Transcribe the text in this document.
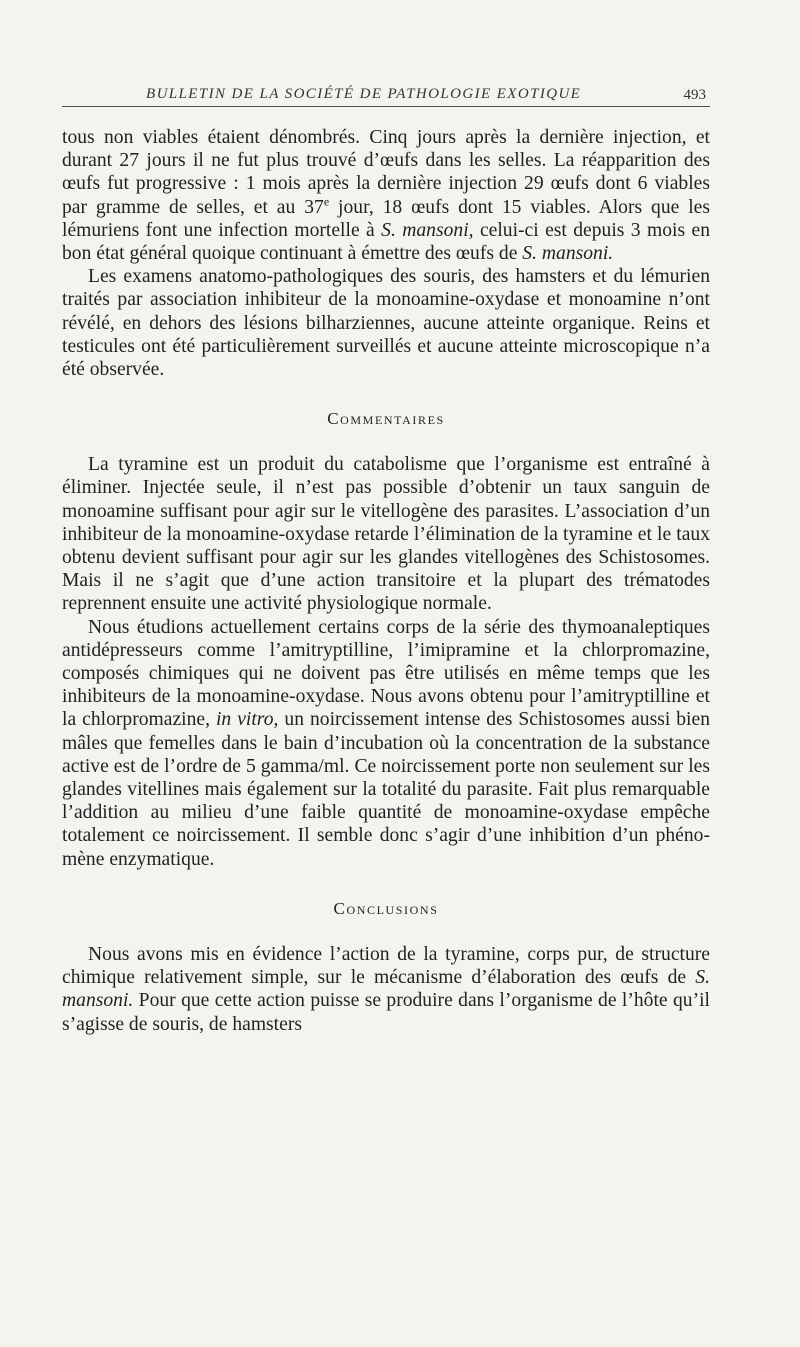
BULLETIN DE LA SOCIÉTÉ DE PATHOLOGIE EXOTIQUE	493

tous non viables étaient dénombrés. Cinq jours après la dernière injection, et durant 27 jours il ne fut plus trouvé d’œufs dans les selles. La réapparition des œufs fut progressive : 1 mois après la dernière injection 29 œufs dont 6 viables par gramme de selles, et au 37e jour, 18 œufs dont 15 viables. Alors que les lémuriens font une infection mortelle à S. mansoni, celui-ci est depuis 3 mois en bon état général quoique continuant à émettre des œufs de S. mansoni.

Les examens anatomo-pathologiques des souris, des hamsters et du lémurien traités par association inhibiteur de la monoamine-oxydase et monoamine n’ont révélé, en dehors des lésions bilharziennes, aucune atteinte organique. Reins et testicules ont été particulièrement surveillés et aucune atteinte microscopique n’a été observée.

Commentaires

La tyramine est un produit du catabolisme que l’organisme est entraîné à éliminer. Injectée seule, il n’est pas possible d’obtenir un taux sanguin de monoamine suffisant pour agir sur le vitellogène des parasites. L’association d’un inhibiteur de la monoamine-oxydase retarde l’élimination de la tyramine et le taux obtenu devient suffisant pour agir sur les glandes vitellogènes des Schistosomes. Mais il ne s’agit que d’une action transitoire et la plupart des trématodes reprennent ensuite une activité physiologique normale.

Nous étudions actuellement certains corps de la série des thymoanaleptiques antidépresseurs comme l’amitryptilline, l’imipramine et la chlorpromazine, composés chimiques qui ne doivent pas être utilisés en même temps que les inhibiteurs de la monoamine-oxydase. Nous avons obtenu pour l’amitryptilline et la chlorpromazine, in vitro, un noircissement intense des Schistosomes aussi bien mâles que femelles dans le bain d’incubation où la concentration de la substance active est de l’ordre de 5 gamma/ml. Ce noircissement porte non seulement sur les glandes vitellines mais également sur la totalité du parasite. Fait plus remarquable l’addition au milieu d’une faible quantité de monoamine-oxydase empêche totalement ce noircissement. Il semble donc s’agir d’une inhibition d’un phénomène enzymatique.

Conclusions

Nous avons mis en évidence l’action de la tyramine, corps pur, de structure chimique relativement simple, sur le mécanisme d’élaboration des œufs de S. mansoni. Pour que cette action puisse se produire dans l’organisme de l’hôte qu’il s’agisse de souris, de hamsters
